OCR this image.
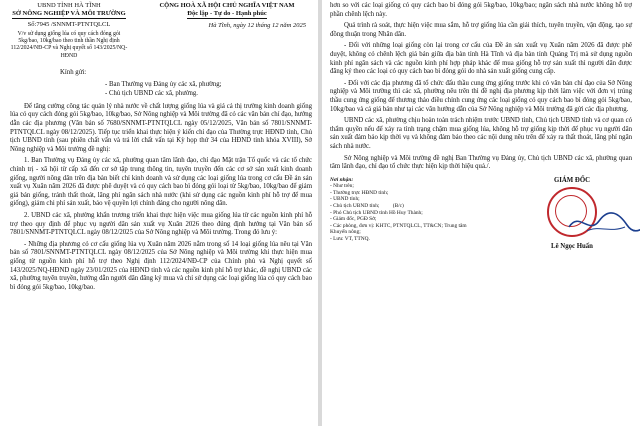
UBND TỈNH HÀ TĨNH
SỞ NÔNG NGHIỆP VÀ MÔI TRƯỜNG
Số:7945 /SNNMT-PTNTQLCL
V/v sử dụng giống lúa có quy cách đóng gói 5kg/bao, 10kg/bao theo tinh thần Nghị định 112/2024/NĐ-CP và Nghị quyết số 143/2025/NQ-HĐND
CỘNG HOÀ XÃ HỘI CHỦ NGHĨA VIỆT NAM
Độc lập - Tự do - Hạnh phúc
Hà Tĩnh, ngày 12 tháng 12 năm 2025
Kính gửi:
- Ban Thường vụ Đảng ủy các xã, phường;
- Chủ tịch UBND các xã, phường.

Để tăng cường công tác quản lý nhà nước về chất lượng giống lúa và giá cả thị trường kinh doanh giống lúa có quy cách đóng gói 5kg/bao, 10kg/bao, Sở Nông nghiệp và Môi trường đã có các văn bản chỉ đạo, hướng dẫn các địa phương (Văn bản số 7680/SNNMT-PTNTQLCL ngày 05/12/2025, Văn bản số 7801/SNNMT-PTNTQLCL ngày 08/12/2025). Tiếp tục triển khai thực hiện ý kiến chỉ đạo của Thường trực HĐND tỉnh, Chủ tịch UBND tỉnh (sau phiên chất vấn và trả lời chất vấn tại Kỳ họp thứ 34 của HĐND tỉnh khóa XVIII), Sở Nông nghiệp và Môi trường đề nghị:

1. Ban Thường vụ Đảng ủy các xã, phường quan tâm lãnh đạo, chỉ đạo Mặt trận Tổ quốc và các tổ chức chính trị - xã hội từ cấp xã đến cơ sở tập trung thông tin, tuyên truyền đến các cơ sở sản xuất kinh doanh giống, người nông dân trên địa bàn biết chỉ kinh doanh và sử dụng các loại giống lúa trong cơ cấu Đề án sản xuất vụ Xuân năm 2026 đã được phê duyệt và có quy cách bao bì đóng gói loại từ 5kg/bao, 10kg/bao để giảm giá bán giống, tránh thất thoát, lãng phí ngân sách nhà nước (khi sử dụng các nguồn kinh phí hỗ trợ để mua giống), giảm chi phí sản xuất, bảo vệ quyền lợi chính đáng cho người nông dân.

2. UBND các xã, phường khẩn trương triển khai thực hiện việc mua giống lúa từ các nguồn kinh phí hỗ trợ theo quy định để phục vụ người dân sản xuất vụ Xuân 2026 theo đúng định hướng tại Văn bản số 7801/SNNMT-PTNTQLCL ngày 08/12/2025 của Sở Nông nghiệp và Môi trường. Trong đó lưu ý:

- Những địa phương có cơ cấu giống lúa vụ Xuân năm 2026 nằm trong số 14 loại giống lúa nêu tại Văn bản số 7801/SNNMT-PTNTQLCL ngày 08/12/2025 của Sở Nông nghiệp và Môi trường khi thực hiện mua giống từ nguồn kinh phí hỗ trợ theo Nghị định 112/2024/NĐ-CP của Chính phủ và Nghị quyết số 143/2025/NQ-HĐND ngày 23/01/2025 của HĐND tỉnh và các nguồn kinh phí hỗ trợ khác, đề nghị UBND các xã, phường tuyên truyền, hướng dẫn người dân đăng ký mua và chỉ sử dụng các loại giống lúa có quy cách bao bì đóng gói 5kg/bao, 10kg/bao.

hơn so với các loại giống có quy cách bao bì đóng gói 5kg/bao, 10kg/bao; ngân sách nhà nước không hỗ trợ phần chênh lệch này.

Quá trình rà soát, thực hiện việc mua sắm, hỗ trợ giống lúa cần giải thích, tuyên truyền, vận động, tạo sự đồng thuận trong Nhân dân.

- Đối với những loại giống còn lại trong cơ cấu của Đề án sản xuất vụ Xuân năm 2026 đã được phê duyệt, không có chênh lệch giá bán giữa địa bàn tỉnh Hà Tĩnh và địa bàn tỉnh Quảng Trị mà sử dụng nguồn kinh phí ngân sách và các nguồn kinh phí hợp pháp khác để mua giống hỗ trợ sản xuất thì người dân được đăng ký theo các loại có quy cách bao bì đóng gói do nhà sản xuất giống cung cấp.

- Đối với các địa phương đã tổ chức đấu thầu cung ứng giống trước khi có văn bản chỉ đạo của Sở Nông nghiệp và Môi trường thì các xã, phường nêu trên thì đề nghị địa phương kịp thời làm việc với đơn vị trúng thầu cung ứng giống để thương thảo điều chỉnh cung ứng các loại giống có quy cách bao bì đóng gói 5kg/bao, 10kg/bao và cả giá bán như tại các văn hướng dẫn của Sở Nông nghiệp và Môi trường đã gửi các địa phương.

UBND các xã, phường chịu hoàn toàn trách nhiệm trước UBND tỉnh, Chủ tịch UBND tỉnh và cơ quan có thẩm quyền nếu để xảy ra tình trạng chậm mua giống lúa, không hỗ trợ giống kịp thời để phục vụ người dân sản xuất đảm bảo kịp thời vụ và không đảm bảo theo các nội dung nêu trên để xảy ra thất thoát, lãng phí ngân sách nhà nước.

Sở Nông nghiệp và Môi trường đề nghị Ban Thường vụ Đảng ủy, Chủ tịch UBND các xã, phường quan tâm lãnh đạo, chỉ đạo tổ chức thực hiện kịp thời hiệu quả./.

Nơi nhận:
- Như trên;
- Thường trực HĐND tỉnh;
- UBND tỉnh;
- Chủ tịch UBND tỉnh; (B/c)
- Phó Chủ tịch UBND tỉnh Hồ Huy Thành;
- Giám đốc, PGĐ Sở;
- Các phòng, đơn vị: KHTC, PTNTQLCL, TT&CN; Trung tâm Khuyến nông;
- Lưu: VT, TTNQ.
GIÁM ĐỐC
Lê Ngọc Huấn
